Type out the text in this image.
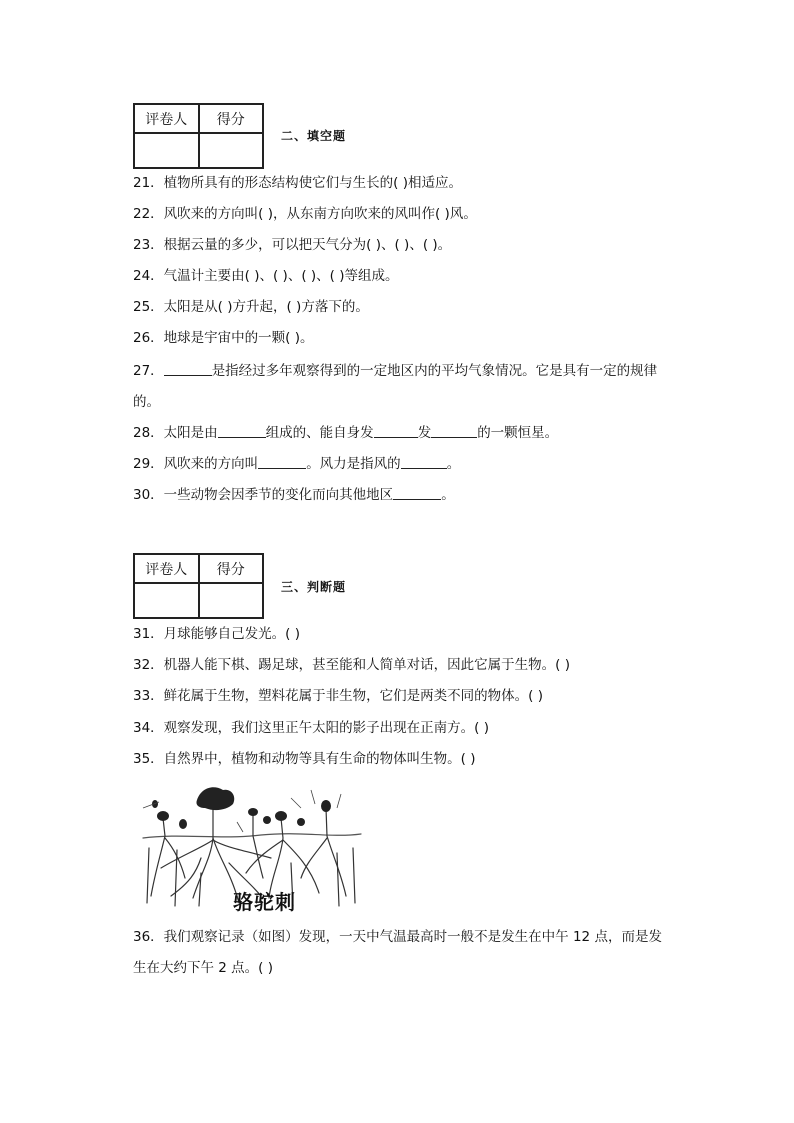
评卷人	得分

二、填空题
21．植物所具有的形态结构使它们与生长的( )相适应。
22．风吹来的方向叫( )，从东南方向吹来的风叫作( )风。
23．根据云量的多少，可以把天气分为( )、( )、( )。
24．气温计主要由( )、( )、( )、( )等组成。
25．太阳是从( )方升起，( )方落下的。
26．地球是宇宙中的一颗( )。
27．	是指经过多年观察得到的一定地区内的平均气象情况。它是具有一定的规律的。
28．太阳是由	组成的、能自身发	发	的一颗恒星。
29．风吹来的方向叫	。风力是指风的	。
30．一些动物会因季节的变化而向其他地区	。
评卷人	得分

三、判断题
31．月球能够自己发光。( )
32．机器人能下棋、踢足球，甚至能和人简单对话，因此它属于生物。( )
33．鲜花属于生物，塑料花属于非生物，它们是两类不同的物体。( )
34．观察发现，我们这里正午太阳的影子出现在正南方。( )
35．自然界中，植物和动物等具有生命的物体叫生物。( )
骆驼刺
36．我们观察记录（如图）发现，一天中气温最高时一般不是发生在中午 12 点，而是发生在大约下午 2 点。( )
